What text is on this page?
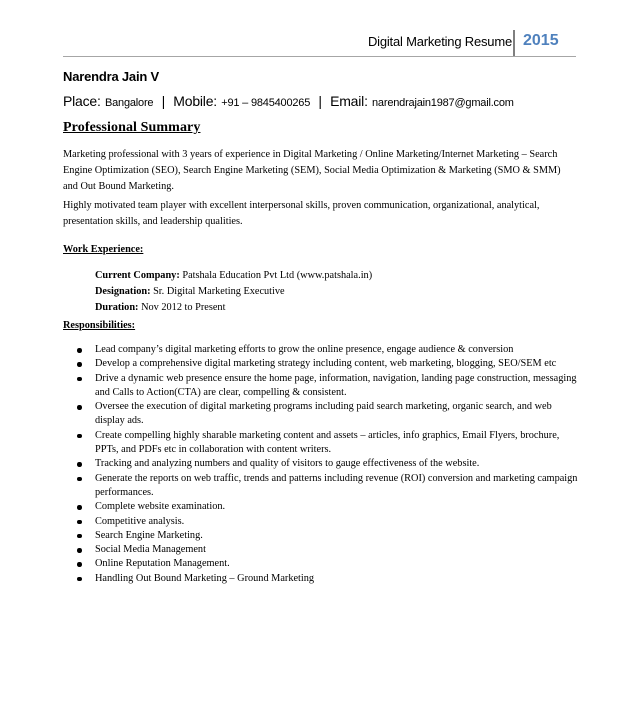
Digital Marketing Resume 2015
Narendra Jain V
Place: Bangalore | Mobile: +91 – 9845400265 | Email: narendrajain1987@gmail.com
Professional Summary
Marketing professional with 3 years of experience in Digital Marketing / Online Marketing/Internet Marketing – Search Engine Optimization (SEO), Search Engine Marketing (SEM), Social Media Optimization & Marketing (SMO & SMM) and Out Bound Marketing.
Highly motivated team player with excellent interpersonal skills, proven communication, organizational, analytical, presentation skills, and leadership qualities.
Work Experience:
Current Company: Patshala Education Pvt Ltd (www.patshala.in)
Designation: Sr. Digital Marketing Executive
Duration: Nov 2012 to Present
Responsibilities:
Lead company’s digital marketing efforts to grow the online presence, engage audience & conversion
Develop a comprehensive digital marketing strategy including content, web marketing, blogging, SEO/SEM etc
Drive a dynamic web presence ensure the home page, information, navigation, landing page construction, messaging and Calls to Action(CTA) are clear, compelling & consistent.
Oversee the execution of digital marketing programs including paid search marketing, organic search, and web display ads.
Create compelling highly sharable marketing content and assets – articles, info graphics, Email Flyers, brochure, PPTs, and PDFs etc in collaboration with content writers.
Tracking and analyzing numbers and quality of visitors to gauge effectiveness of the website.
Generate the reports on web traffic, trends and patterns including revenue (ROI) conversion and marketing campaign performances.
Complete website examination.
Competitive analysis.
Search Engine Marketing.
Social Media Management
Online Reputation Management.
Handling Out Bound Marketing – Ground Marketing
